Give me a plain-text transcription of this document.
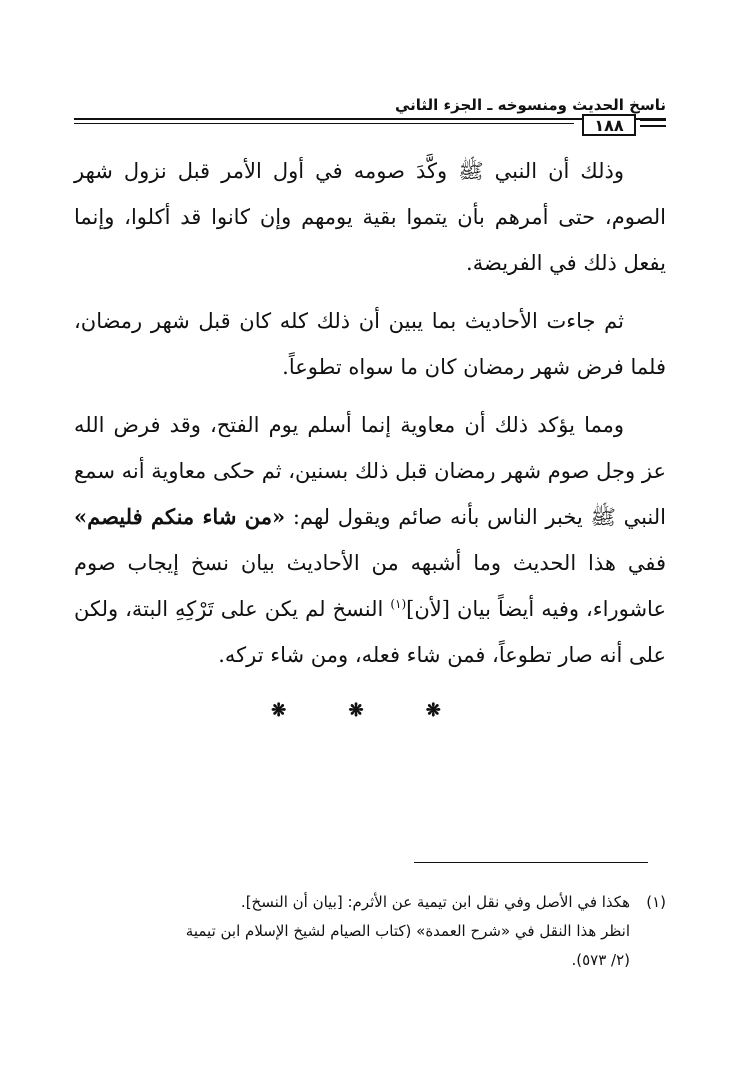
ناسخ الحديث ومنسوخه ـ الجزء الثاني
١٨٨

وذلك أن النبي ﷺ وكَّدَ صومه في أول الأمر قبل نزول شهر الصوم، حتى أمرهم بأن يتموا بقية يومهم وإن كانوا قد أكلوا، وإنما يفعل ذلك في الفريضة.

ثم جاءت الأحاديث بما يبين أن ذلك كله كان قبل شهر رمضان، فلما فرض شهر رمضان كان ما سواه تطوعاً.

ومما يؤكد ذلك أن معاوية إنما أسلم يوم الفتح، وقد فرض الله عز وجل صوم شهر رمضان قبل ذلك بسنين، ثم حكى معاوية أنه سمع النبي ﷺ يخبر الناس بأنه صائم ويقول لهم: «من شاء منكم فليصم» ففي هذا الحديث وما أشبهه من الأحاديث بيان نسخ إيجاب صوم عاشوراء، وفيه أيضاً بيان [لأن]$^{(١)}$ النسخ لم يكن على تَرْكِهِ البتة، ولكن على أنه صار تطوعاً، فمن شاء فعله، ومن شاء تركه.

❋ ❋ ❋
(١)هكذا في الأصل وفي نقل ابن تيمية عن الأثرم: [بيان أن النسخ].
انظر هذا النقل في «شرح العمدة» (كتاب الصيام لشيخ الإسلام ابن تيمية
(٢/ ٥٧٣).
